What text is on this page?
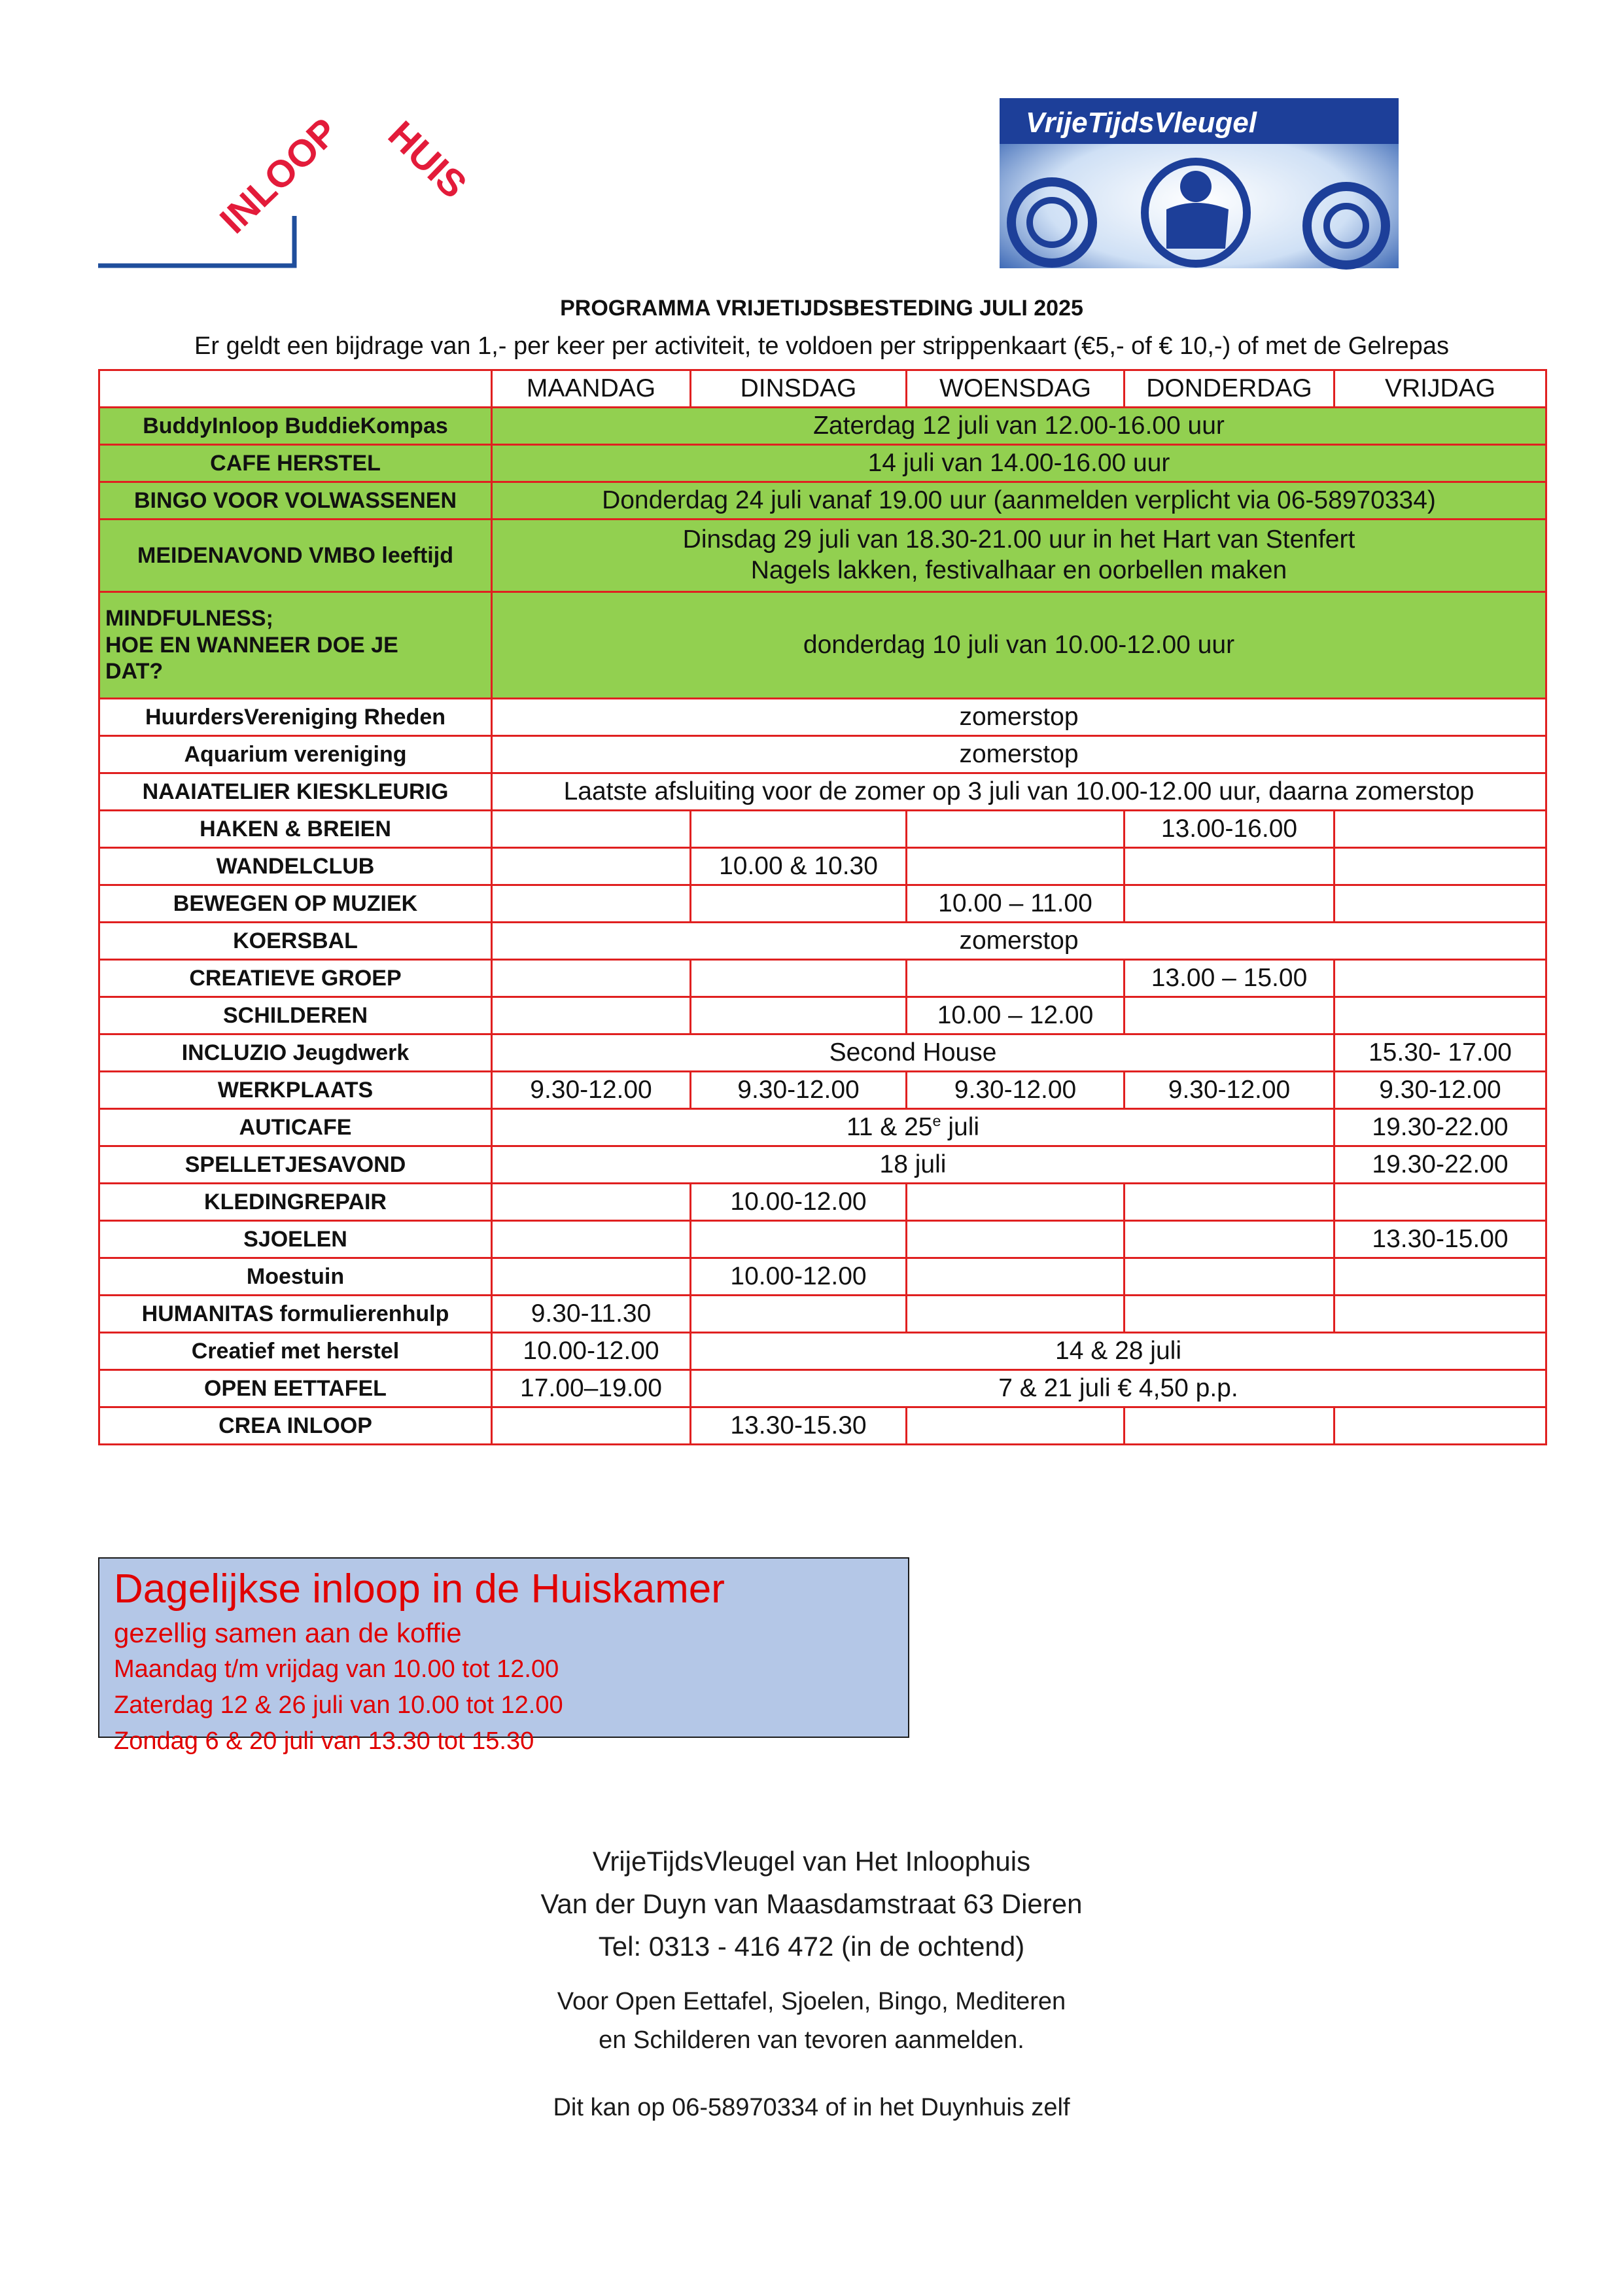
INLOOP HUIS	VrijeTijdsVleugel
PROGRAMMA VRIJETIJDSBESTEDING JULI 2025
Er geldt een bijdrage van 1,- per keer per activiteit, te voldoen per strippenkaart (€5,- of € 10,-) of met de Gelrepas
	MAANDAG	DINSDAG	WOENSDAG	DONDERDAG	VRIJDAG
BuddyInloop BuddieKompas	Zaterdag 12 juli van 12.00-16.00 uur				
CAFE HERSTEL	14 juli van 14.00-16.00 uur				
BINGO VOOR VOLWASSENEN	Donderdag 24 juli vanaf 19.00 uur (aanmelden verplicht via 06-58970334)				
MEIDENAVOND VMBO leeftijd	Dinsdag 29 juli van 18.30-21.00 uur in het Hart van Stenfert
Nagels lakken, festivalhaar en oorbellen maken				

MINDFULNESS;
HOE EN WANNEER DOE JE
DAT?	donderdag 10 juli van 10.00-12.00 uur				
HuurdersVereniging Rheden	zomerstop				
Aquarium vereniging	zomerstop				
NAAIATELIER KIESKLEURIG	Laatste afsluiting voor de zomer op 3 juli van 10.00-12.00 uur, daarna zomerstop				
HAKEN & BREIEN				13.00-16.00	
WANDELCLUB		10.00 & 10.30			
BEWEGEN OP MUZIEK			10.00 – 11.00		
KOERSBAL	zomerstop				
CREATIEVE GROEP				13.00 – 15.00	
SCHILDEREN			10.00 – 12.00		
INCLUZIO Jeugdwerk	Second House				15.30- 17.00
WERKPLAATS	9.30-12.00	9.30-12.00	9.30-12.00	9.30-12.00	9.30-12.00
AUTICAFE	11 & 25e juli				19.30-22.00
SPELLETJESAVOND	18 juli				19.30-22.00
KLEDINGREPAIR		10.00-12.00			
SJOELEN					13.30-15.00
Moestuin		10.00-12.00			
HUMANITAS formulierenhulp	9.30-11.30				
Creatief met herstel	10.00-12.00	14 & 28 juli			
OPEN EETTAFEL	17.00–19.00	7 & 21 juli € 4,50 p.p.			
CREA INLOOP		13.30-15.30			
Dagelijkse inloop in de Huiskamer
gezellig samen aan de koffie
Maandag t/m vrijdag van 10.00 tot 12.00
Zaterdag 12 & 26 juli van 10.00 tot 12.00
Zondag 6 & 20 juli van 13.30 tot 15.30
VrijeTijdsVleugel van Het Inloophuis
Van der Duyn van Maasdamstraat 63 Dieren
Tel: 0313 - 416 472 (in de ochtend)
Voor Open Eettafel, Sjoelen, Bingo, Mediteren
en Schilderen van tevoren aanmelden.
Dit kan op 06-58970334 of in het Duynhuis zelf
